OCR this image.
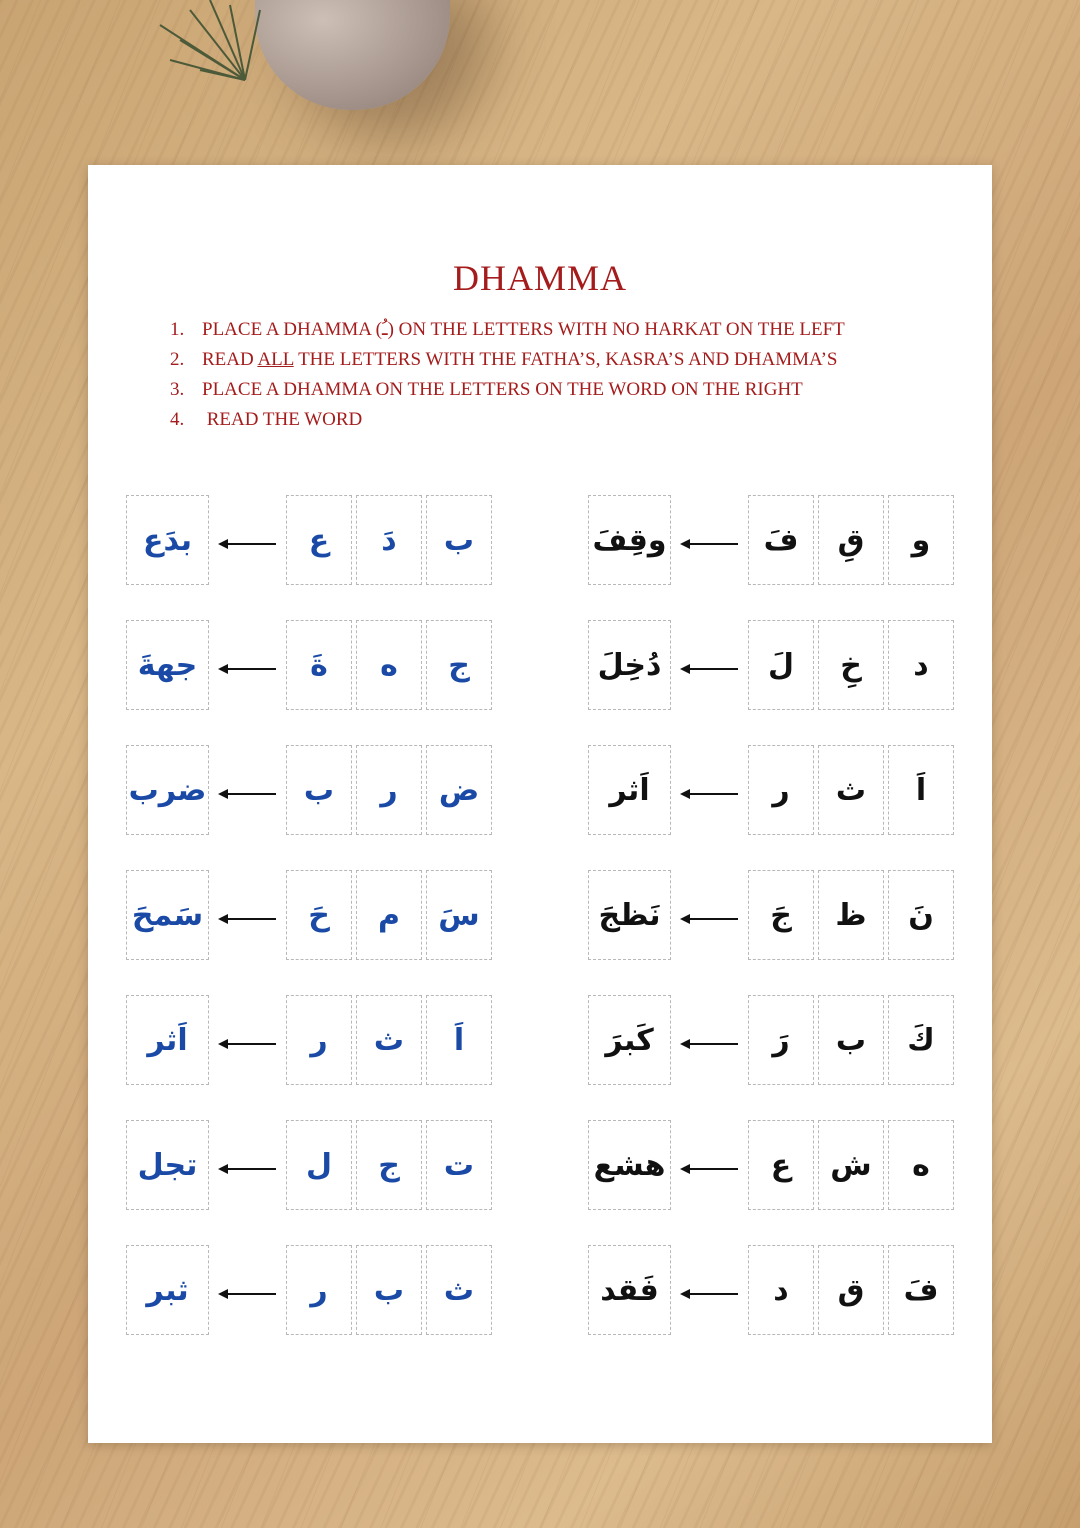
DHAMMA
1. PLACE A DHAMMA (ـُ) ON THE LETTERS WITH NO HARKAT ON THE LEFT
2. READ ALL THE LETTERS WITH THE FATHA’S, KASRA’S AND DHAMMA’S
3. PLACE A DHAMMA ON THE LETTERS ON THE WORD ON THE RIGHT
4. READ THE WORD
ب
دَ
ع
بدَع
ج
ه
ةَ
جهةَ
ض
ر
ب
ضرب
سَ
م
حَ
سَمحَ
اَ
ث
ر
اَثر
ت
ج
ل
تجل
ث
ب
ر
ثبر
و
قِ
فَ
وقِفَ
د
خِ
لَ
دُخِلَ
اَ
ث
ر
اَثر
نَ
ظ
جَ
نَظجَ
كَ
ب
رَ
كَبرَ
ه
ش
ع
هشع
فَ
ق
د
فَقد
